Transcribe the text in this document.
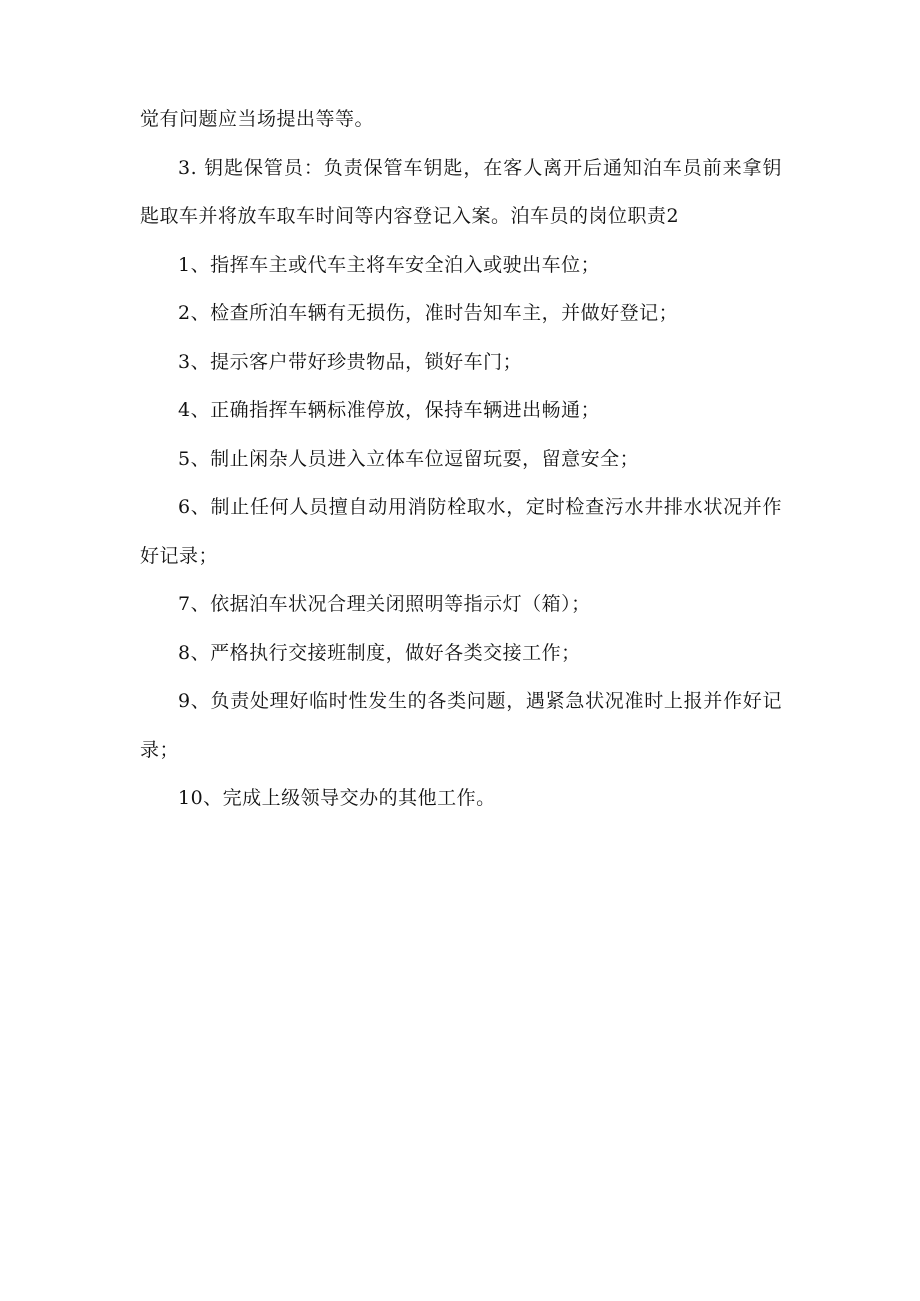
觉有问题应当场提出等等。

3. 钥匙保管员：负责保管车钥匙，在客人离开后通知泊车员前来拿钥匙取车并将放车取车时间等内容登记入案。泊车员的岗位职责2

1、指挥车主或代车主将车安全泊入或驶出车位；

2、检查所泊车辆有无损伤，准时告知车主，并做好登记；

3、提示客户带好珍贵物品，锁好车门；

4、正确指挥车辆标准停放，保持车辆进出畅通；

5、制止闲杂人员进入立体车位逗留玩耍，留意安全；

6、制止任何人员擅自动用消防栓取水，定时检查污水井排水状况并作好记录；

7、依据泊车状况合理关闭照明等指示灯（箱）；

8、严格执行交接班制度，做好各类交接工作；

9、负责处理好临时性发生的各类问题，遇紧急状况准时上报并作好记录；

10、完成上级领导交办的其他工作。
